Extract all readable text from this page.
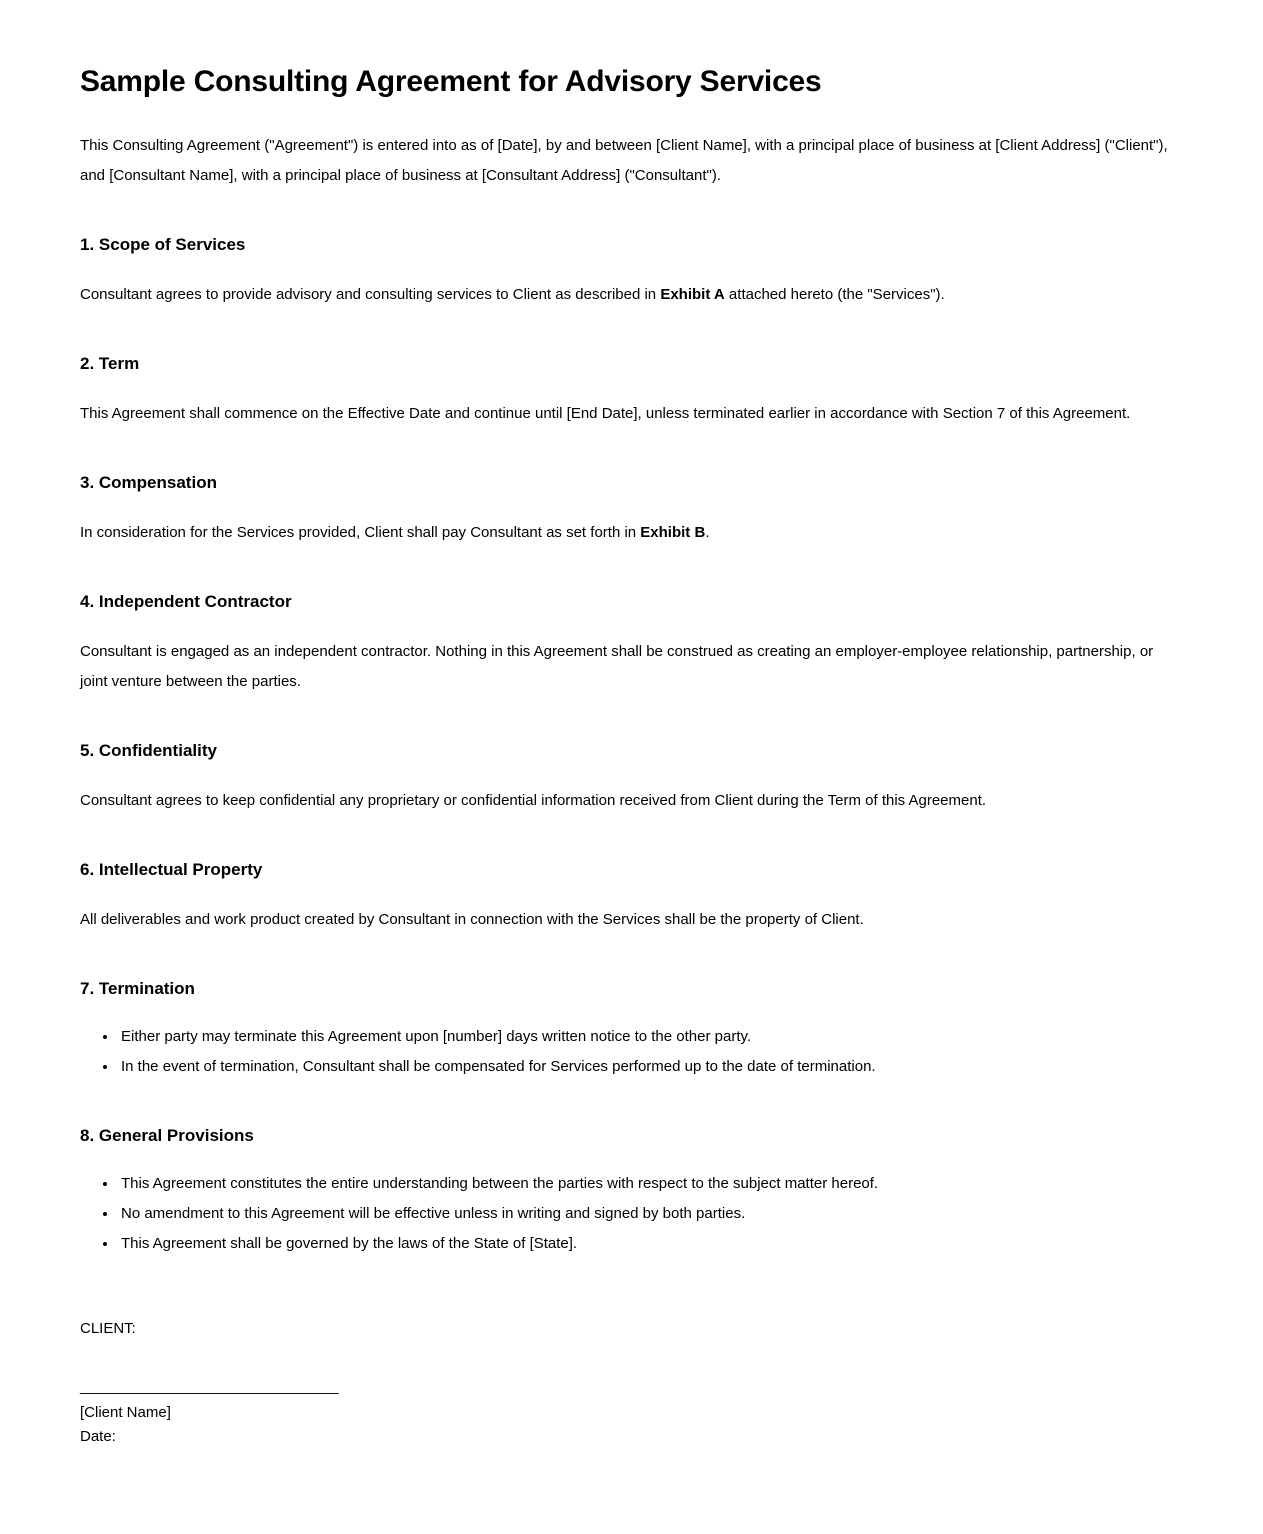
Sample Consulting Agreement for Advisory Services

This Consulting Agreement ("Agreement") is entered into as of [Date], by and between [Client Name], with a principal place of business at [Client Address] ("Client"), and [Consultant Name], with a principal place of business at [Consultant Address] ("Consultant").

1. Scope of Services

Consultant agrees to provide advisory and consulting services to Client as described in Exhibit A attached hereto (the "Services").

2. Term

This Agreement shall commence on the Effective Date and continue until [End Date], unless terminated earlier in accordance with Section 7 of this Agreement.

3. Compensation

In consideration for the Services provided, Client shall pay Consultant as set forth in Exhibit B.

4. Independent Contractor

Consultant is engaged as an independent contractor. Nothing in this Agreement shall be construed as creating an employer-employee relationship, partnership, or joint venture between the parties.

5. Confidentiality

Consultant agrees to keep confidential any proprietary or confidential information received from Client during the Term of this Agreement.

6. Intellectual Property

All deliverables and work product created by Consultant in connection with the Services shall be the property of Client.

7. Termination
• Either party may terminate this Agreement upon [number] days written notice to the other party.
• In the event of termination, Consultant shall be compensated for Services performed up to the date of termination.
8. General Provisions
• This Agreement constitutes the entire understanding between the parties with respect to the subject matter hereof.
• No amendment to this Agreement will be effective unless in writing and signed by both parties.
• This Agreement shall be governed by the laws of the State of [State].
CLIENT:
_______________________________
[Client Name]
Date:
